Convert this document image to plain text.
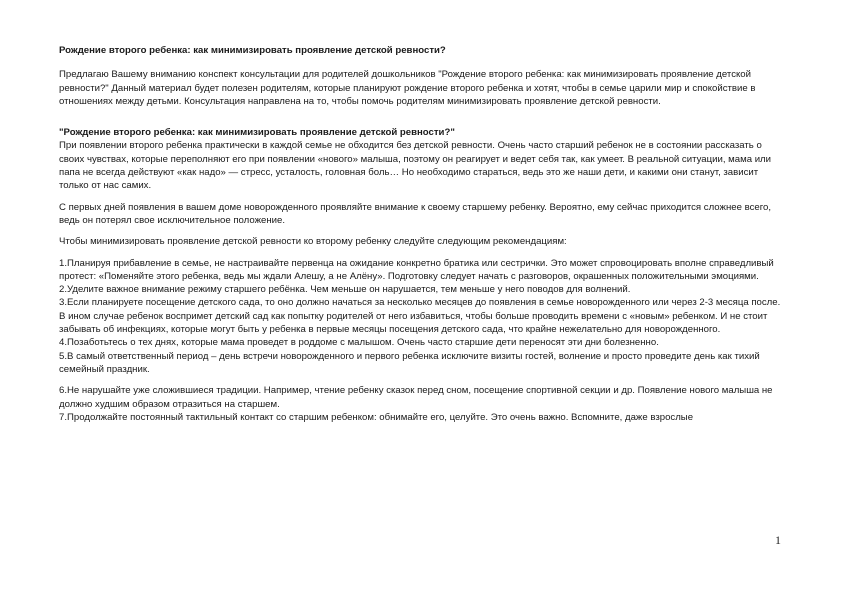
Рождение второго ребенка: как минимизировать проявление детской ревности?

Предлагаю Вашему вниманию конспект консультации для родителей дошкольников "Рождение второго ребенка: как минимизировать проявление детской ревности?" Данный материал будет полезен родителям, которые планируют рождение второго ребенка и хотят, чтобы в семье царили мир и спокойствие в отношениях между детьми. Консультация направлена на то, чтобы помочь родителям минимизировать проявление детской ревности.

"Рождение второго ребенка: как минимизировать проявление детской ревности?"

При появлении второго ребенка практически в каждой семье не обходится без детской ревности. Очень часто старший ребенок не в состоянии рассказать о своих чувствах, которые переполняют его при появлении «нового» малыша, поэтому он реагирует и ведет себя так, как умеет. В реальной ситуации, мама или папа не всегда действуют «как надо» — стресс, усталость, головная боль… Но необходимо стараться, ведь это же наши дети, и какими они станут, зависит только от нас самих.

С первых дней появления в вашем доме новорожденного проявляйте внимание к своему старшему ребенку. Вероятно, ему сейчас приходится сложнее всего, ведь он потерял свое исключительное положение.

Чтобы минимизировать проявление детской ревности ко второму ребенку следуйте следующим рекомендациям:

1.Планируя прибавление в семье, не настраивайте первенца на ожидание конкретно братика или сестрички. Это может спровоцировать вполне справедливый протест: «Поменяйте этого ребенка, ведь мы ждали Алешу, а не Алёну». Подготовку следует начать с разговоров, окрашенных положительными эмоциями.
2.Уделите важное внимание режиму старшего ребёнка. Чем меньше он нарушается, тем меньше у него поводов для волнений.
3.Если планируете посещение детского сада, то оно должно начаться за несколько месяцев до появления в семье новорожденного или через 2-3 месяца после. В ином случае ребенок воспримет детский сад как попытку родителей от него избавиться, чтобы больше проводить времени с «новым» ребенком. И не стоит забывать об инфекциях, которые могут быть у ребенка в первые месяцы посещения детского сада, что крайне нежелательно для новорожденного.
4.Позаботьтесь о тех днях, которые мама проведет в роддоме с малышом. Очень часто старшие дети переносят эти дни болезненно.
5.В самый ответственный период – день встречи новорожденного и первого ребенка исключите визиты гостей, волнение и просто проведите день как тихий семейный праздник.
6.Не нарушайте уже сложившиеся традиции. Например, чтение ребенку сказок перед сном, посещение спортивной секции и др. Появление нового малыша не должно худшим образом отразиться на старшем.
7.Продолжайте постоянный тактильный контакт со старшим ребенком: обнимайте его, целуйте. Это очень важно. Вспомните, даже взрослые
1
